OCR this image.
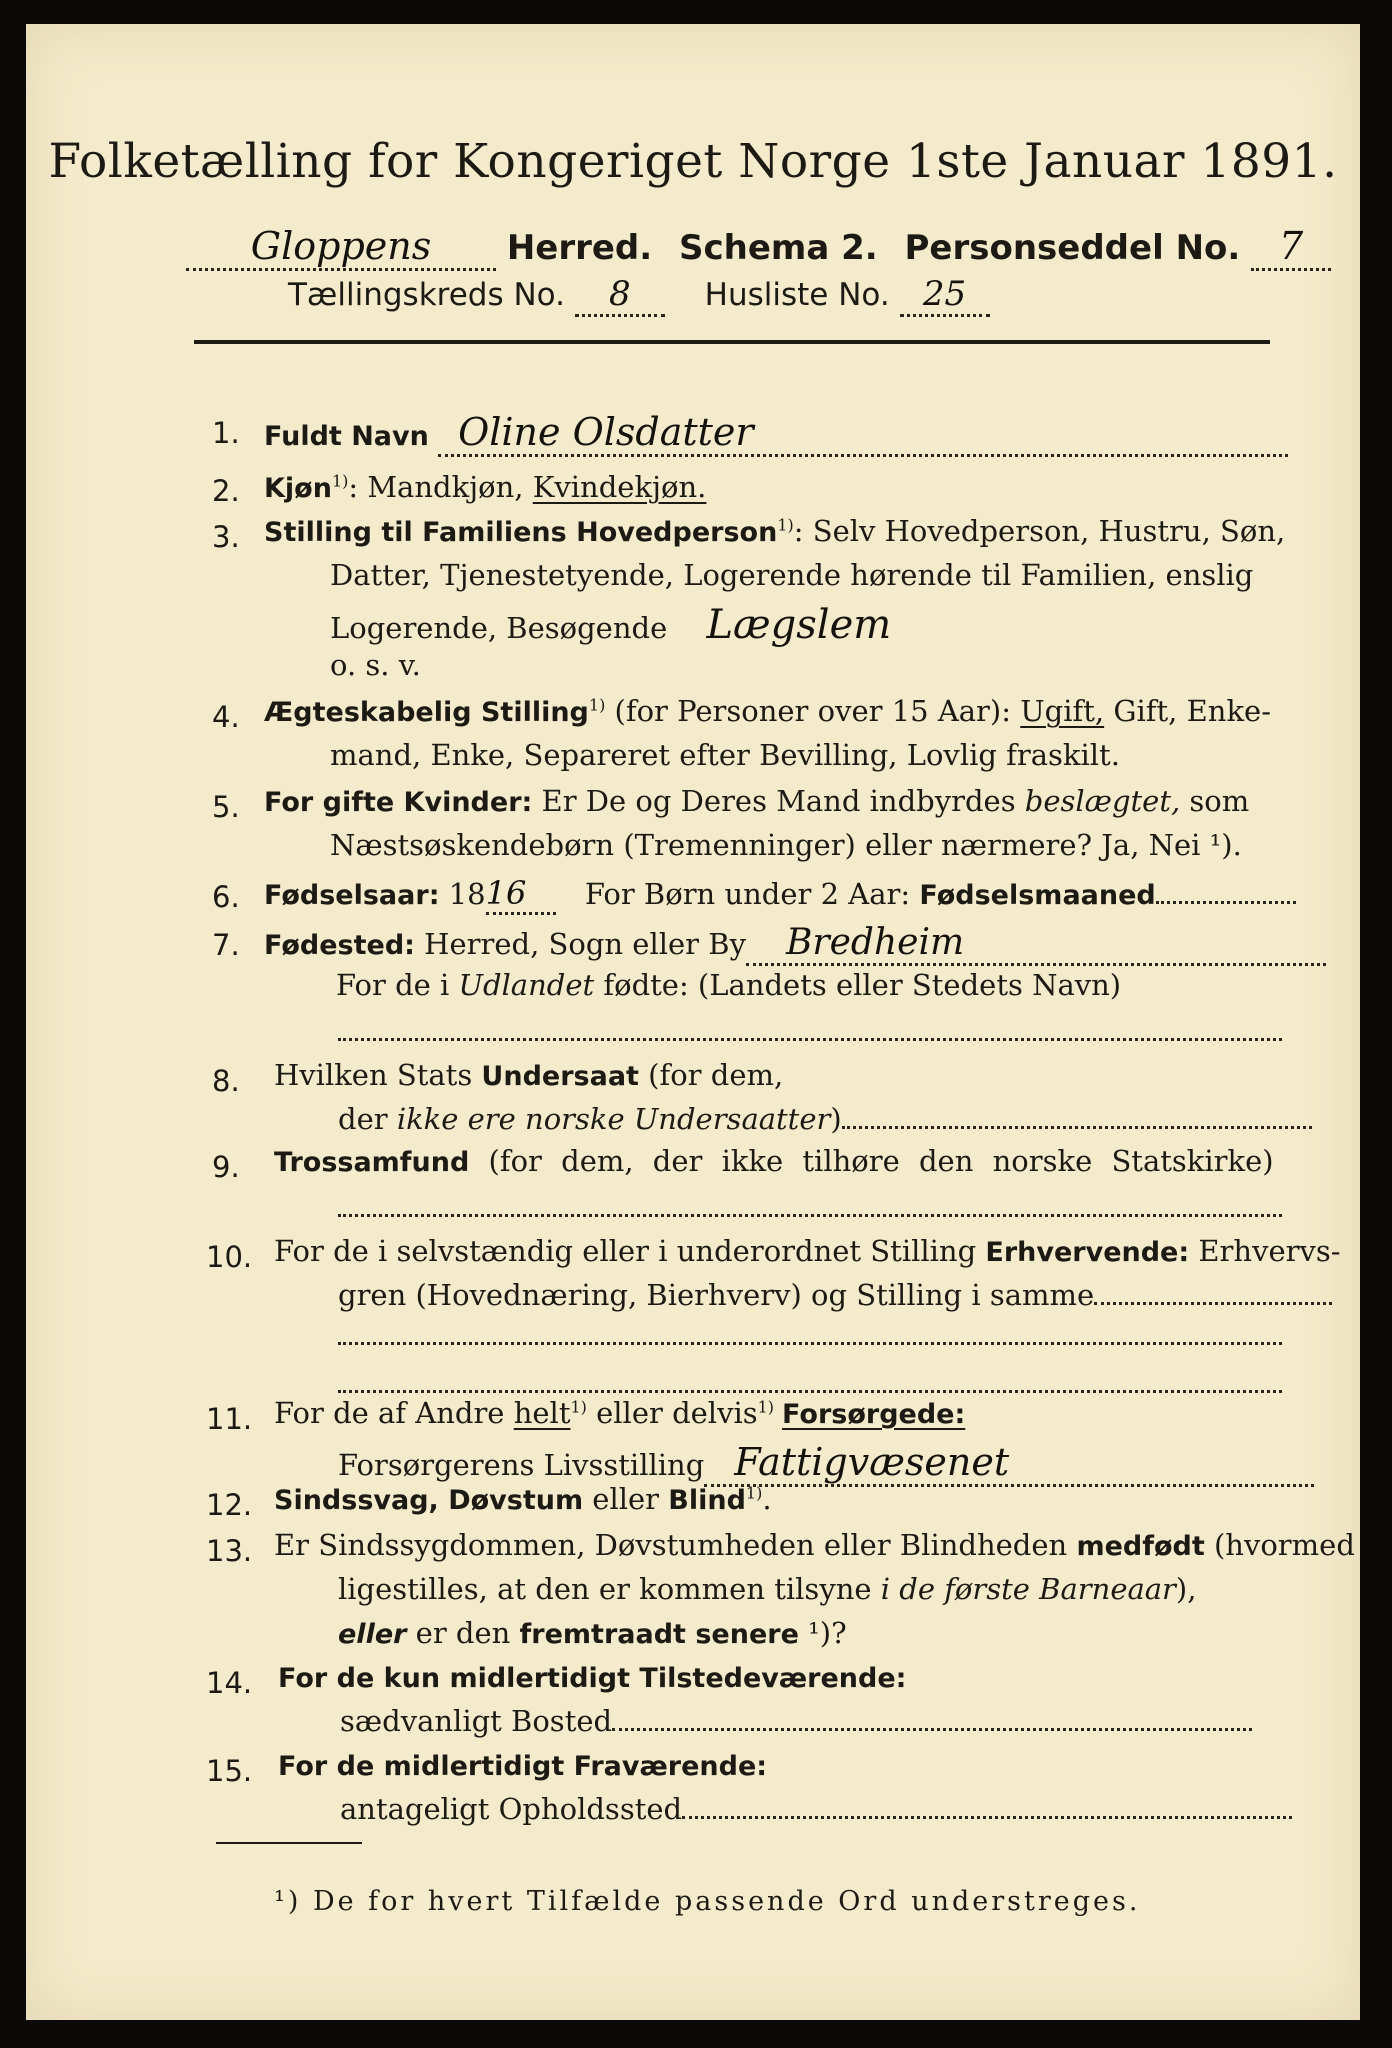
Folketælling for Kongeriget Norge 1ste Januar 1891.
Gloppens Herred. Schema 2. Personseddel No. 7
Tællingskreds No. 8 Husliste No. 25
1. Fuldt Navn Oline Olsdatter
2. Kjøn$^{1)}$: Mandkjøn, Kvindekjøn.
3. Stilling til Familiens Hovedperson$^{1)}$: Selv Hovedperson, Hustru, Søn,
Datter, Tjenestetyende, Logerende hørende til Familien, enslig
Logerende, Besøgende Lægslem
o. s. v.
4. Ægteskabelig Stilling$^{1)}$ (for Personer over 15 Aar): Ugift, Gift, Enke-
mand, Enke, Separeret efter Bevilling, Lovlig fraskilt.
5. For gifte Kvinder: Er De og Deres Mand indbyrdes beslægtet, som
Næstsøskendebørn (Tremenninger) eller nærmere? Ja, Nei ¹).
6. Fødselsaar: 1816 For Børn under 2 Aar: Fødselsmaaned
7. Fødested: Herred, Sogn eller By Bredheim
For de i Udlandet fødte: (Landets eller Stedets Navn)
8. Hvilken Stats Undersaat (for dem,
der ikke ere norske Undersaatter)
9. Trossamfund (for dem, der ikke tilhøre den norske Statskirke)
10. For de i selvstændig eller i underordnet Stilling Erhvervende: Erhvervs-
gren (Hovednæring, Bierhverv) og Stilling i samme
11. For de af Andre helt$^{1)}$ eller delvis$^{1)}$ Forsørgede:
Forsørgerens Livsstilling Fattigvæsenet
12. Sindssvag, Døvstum eller Blind$^{1)}$.
13. Er Sindssygdommen, Døvstumheden eller Blindheden medfødt (hvormed
ligestilles, at den er kommen tilsyne i de første Barneaar),
eller er den fremtraadt senere ¹)?
14. For de kun midlertidigt Tilstedeværende:
sædvanligt Bosted
15. For de midlertidigt Fraværende:
antageligt Opholdssted
¹) De for hvert Tilfælde passende Ord understreges.
